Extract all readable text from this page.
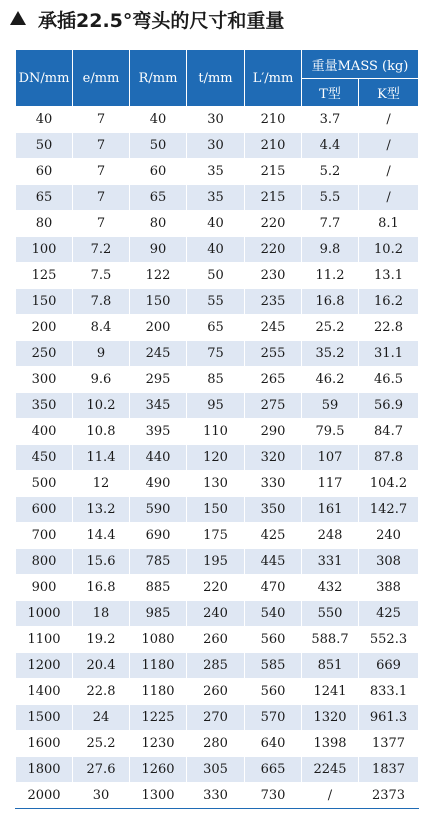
承插22.5°弯头的尺寸和重量
DN/mm	e/mm	R/mm	t/mm	L′/mm	重量MASS (kg)	
					T型	K型
40	7	40	30	210	3.7	/
50	7	50	30	210	4.4	/
60	7	60	35	215	5.2	/
65	7	65	35	215	5.5	/
80	7	80	40	220	7.7	8.1
100	7.2	90	40	220	9.8	10.2
125	7.5	122	50	230	11.2	13.1
150	7.8	150	55	235	16.8	16.2
200	8.4	200	65	245	25.2	22.8
250	9	245	75	255	35.2	31.1
300	9.6	295	85	265	46.2	46.5
350	10.2	345	95	275	59	56.9
400	10.8	395	110	290	79.5	84.7
450	11.4	440	120	320	107	87.8
500	12	490	130	330	117	104.2
600	13.2	590	150	350	161	142.7
700	14.4	690	175	425	248	240
800	15.6	785	195	445	331	308
900	16.8	885	220	470	432	388
1000	18	985	240	540	550	425
1100	19.2	1080	260	560	588.7	552.3
1200	20.4	1180	285	585	851	669
1400	22.8	1180	260	560	1241	833.1
1500	24	1225	270	570	1320	961.3
1600	25.2	1230	280	640	1398	1377
1800	27.6	1260	305	665	2245	1837
2000	30	1300	330	730	/	2373
